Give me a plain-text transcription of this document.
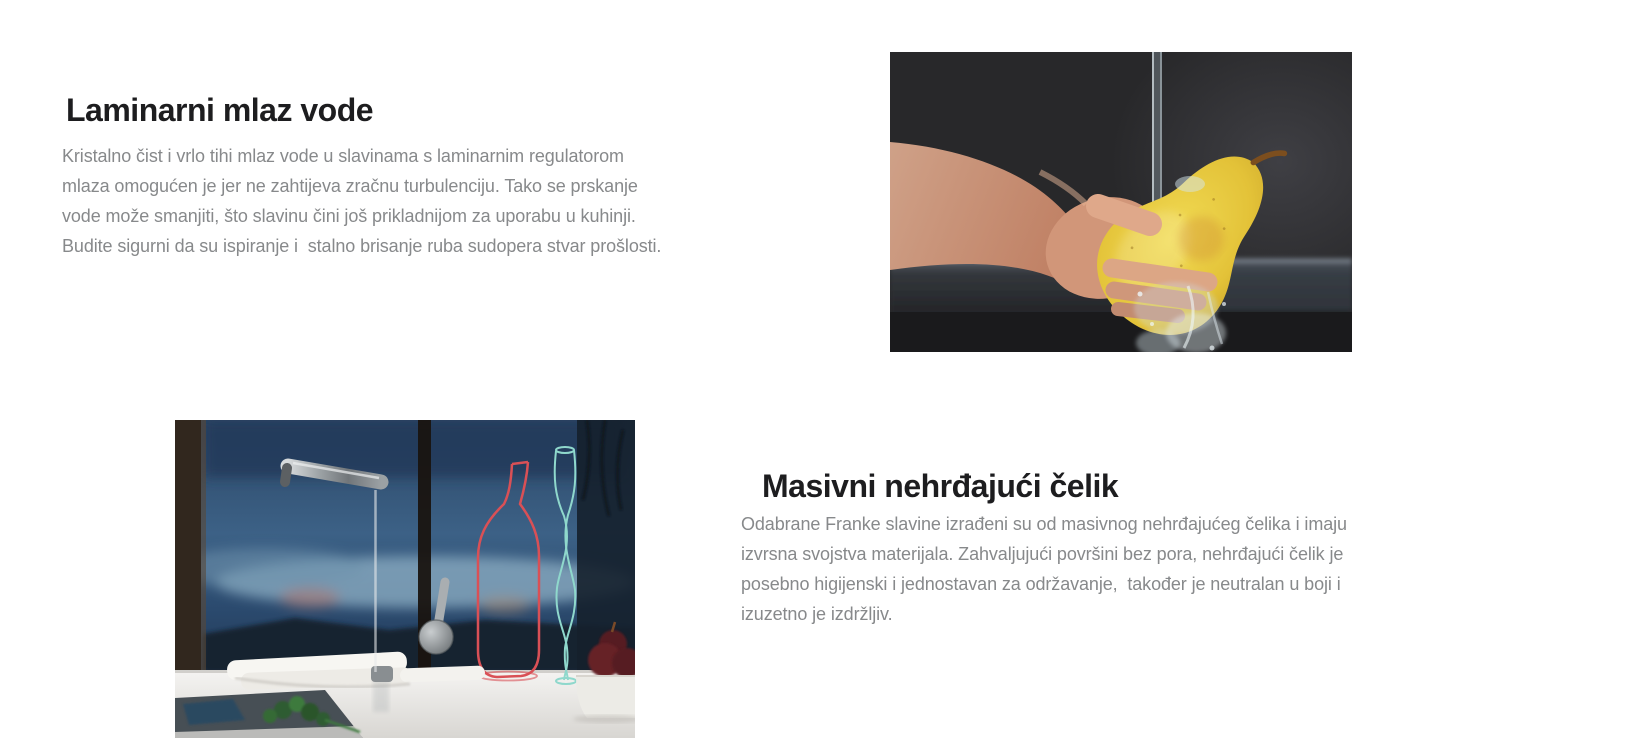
Laminarni mlaz vode
Kristalno čist i vrlo tihi mlaz vode u slavinama s laminarnim regulatorom
mlaza omogućen je jer ne zahtijeva zračnu turbulenciju. Tako se prskanje
vode može smanjiti, što slavinu čini još prikladnijom za uporabu u kuhinji.
Budite sigurni da su ispiranje i  stalno brisanje ruba sudopera stvar prošlosti.
Masivni nehrđajući čelik
Odabrane Franke slavine izrađeni su od masivnog nehrđajućeg čelika i imaju
izvrsna svojstva materijala. Zahvaljujući površini bez pora, nehrđajući čelik je
posebno higijenski i jednostavan za održavanje,  također je neutralan u boji i
izuzetno je izdržljiv.
